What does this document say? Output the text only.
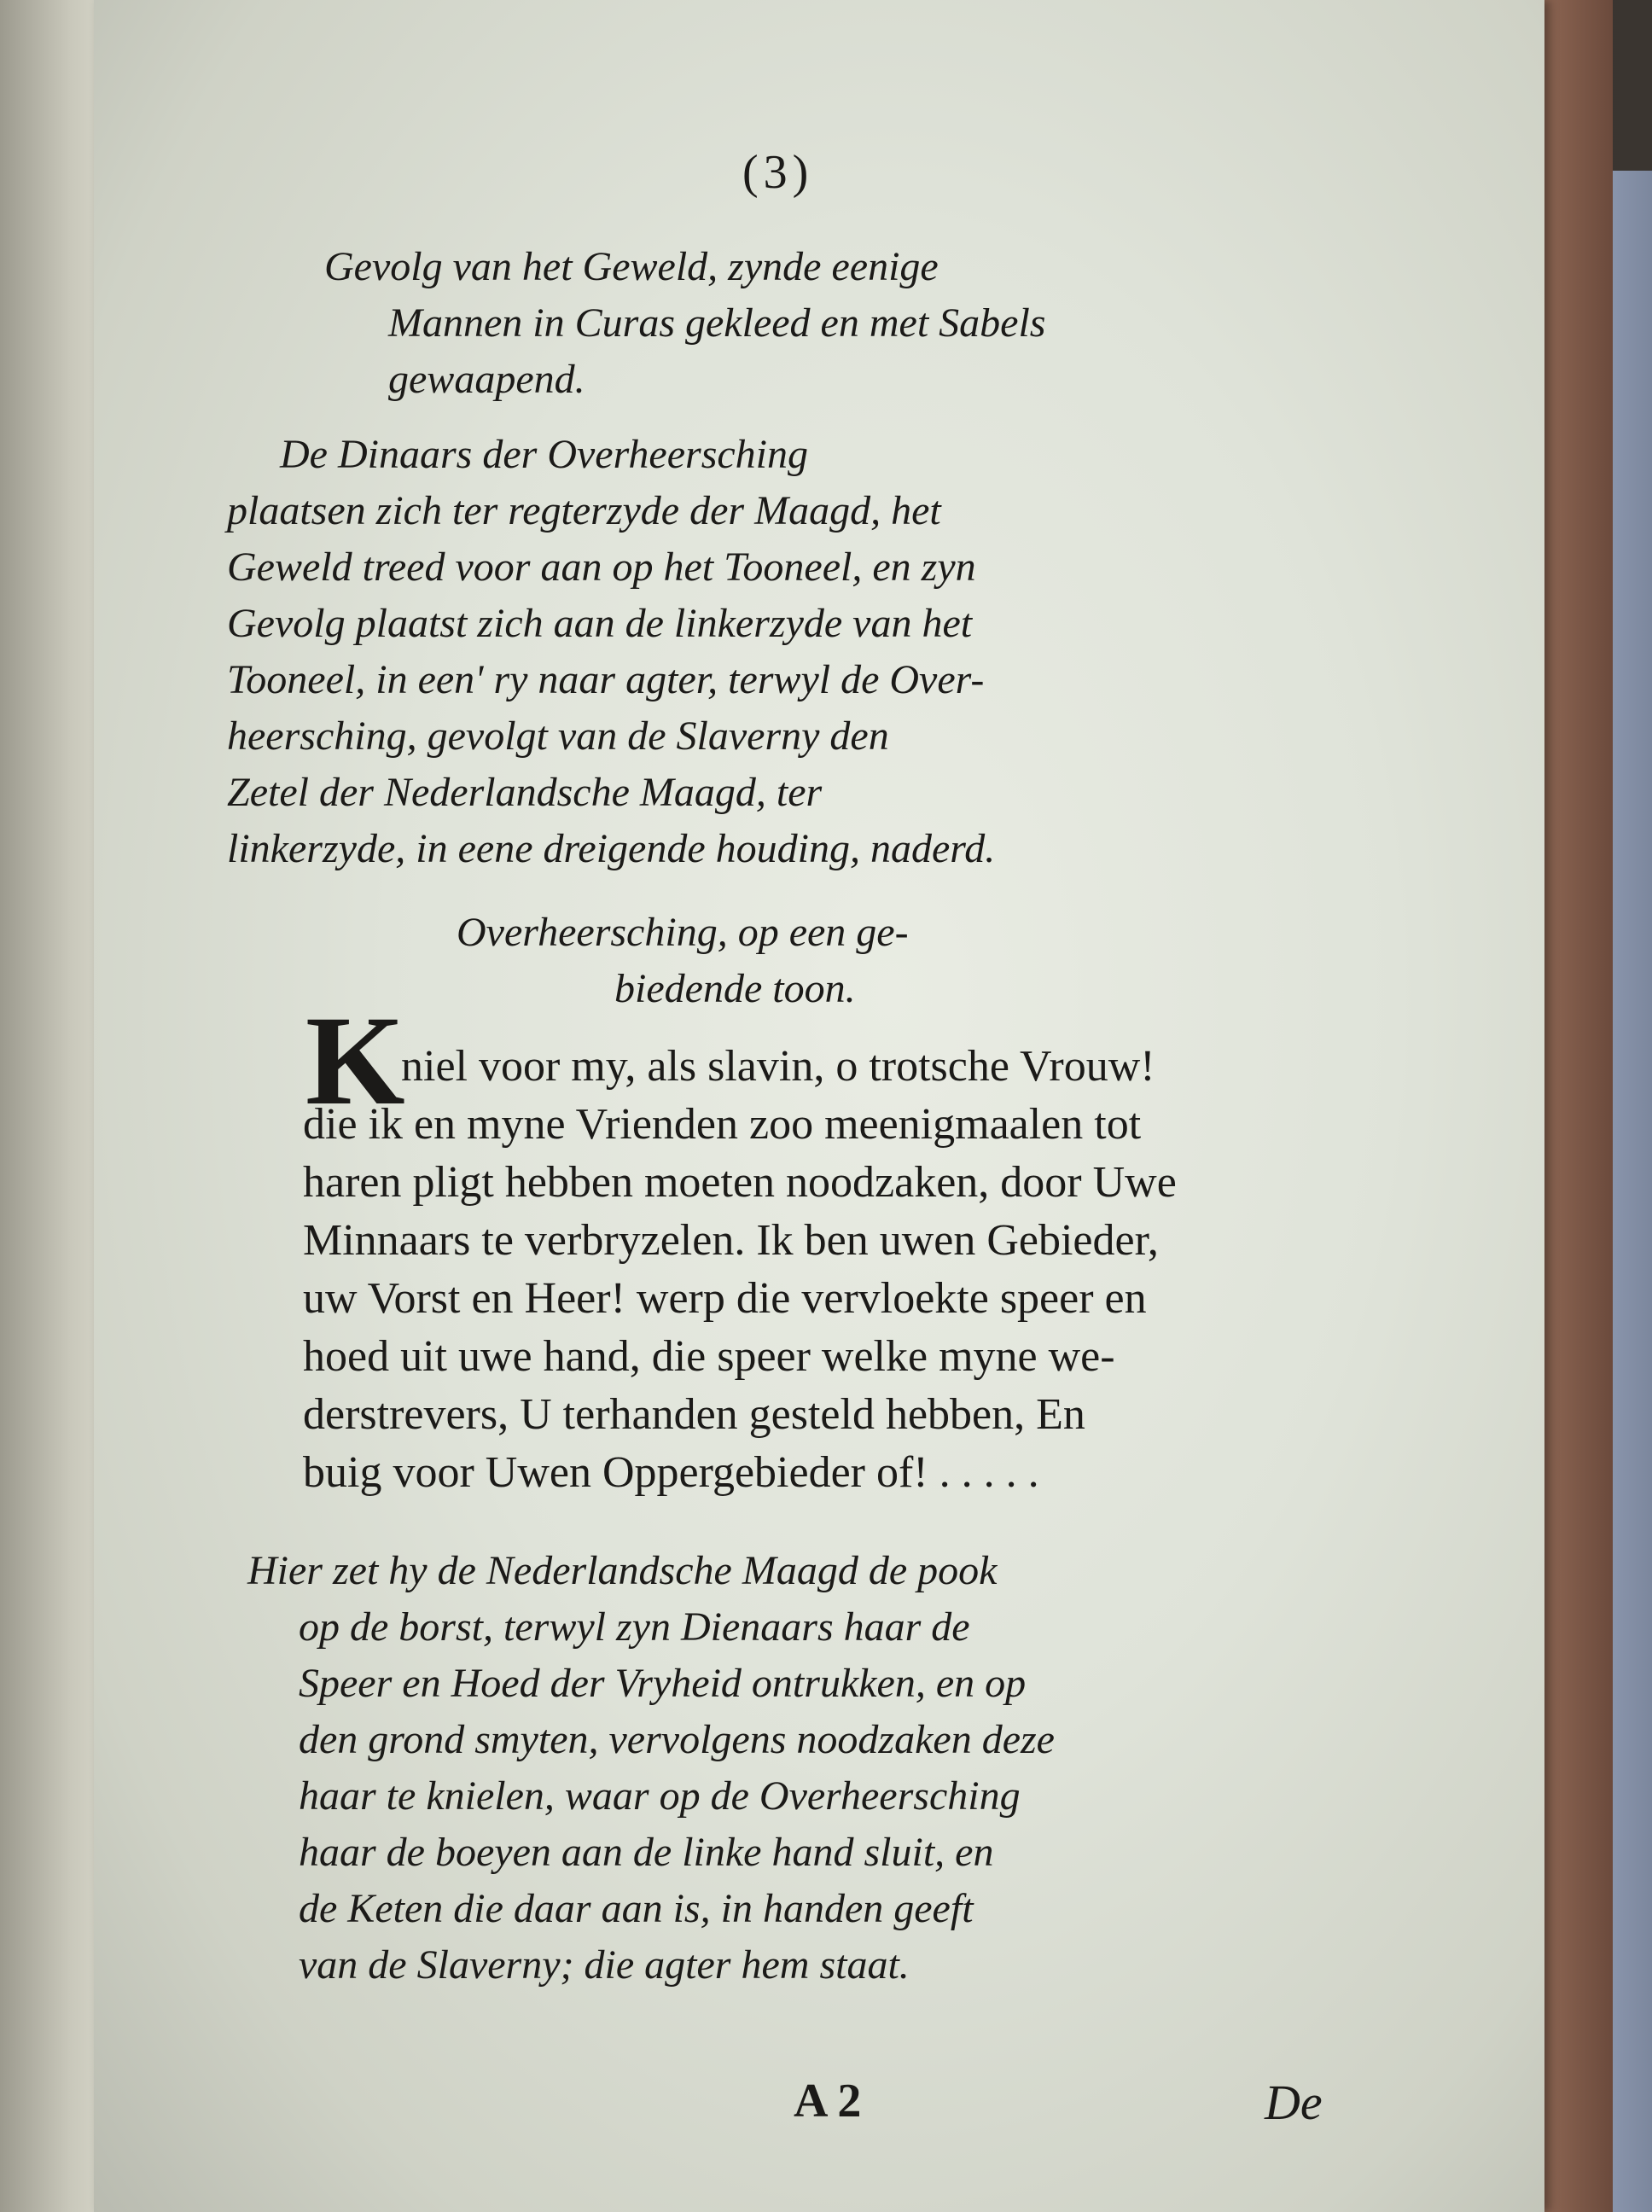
(3)
Gevolg van het Geweld, zynde eenige
Mannen in Curas gekleed en met Sabels
gewaapend.
De Dinaars der Overheersching
plaatsen zich ter regterzyde der Maagd, het
Geweld treed voor aan op het Tooneel, en zyn
Gevolg plaatst zich aan de linkerzyde van het
Tooneel, in een' ry naar agter, terwyl de Over-
heersching, gevolgt van de Slaverny den
Zetel der Nederlandsche Maagd, ter
linkerzyde, in eene dreigende houding, naderd.
Overheersching, op een ge-
biedende toon.
K
niel voor my, als slavin, o trotsche Vrouw!
die ik en myne Vrienden zoo meenigmaalen tot
haren pligt hebben moeten noodzaken, door Uwe
Minnaars te verbryzelen. Ik ben uwen Gebieder,
uw Vorst en Heer! werp die vervloekte speer en
hoed uit uwe hand, die speer welke myne we-
derstrevers, U terhanden gesteld hebben, En
buig voor Uwen Oppergebieder of! . . . . .
Hier zet hy de Nederlandsche Maagd de pook
op de borst, terwyl zyn Dienaars haar de
Speer en Hoed der Vryheid ontrukken, en op
den grond smyten, vervolgens noodzaken deze
haar te knielen, waar op de Overheersching
haar de boeyen aan de linke hand sluit, en
de Keten die daar aan is, in handen geeft
van de Slaverny; die agter hem staat.
A 2	De
